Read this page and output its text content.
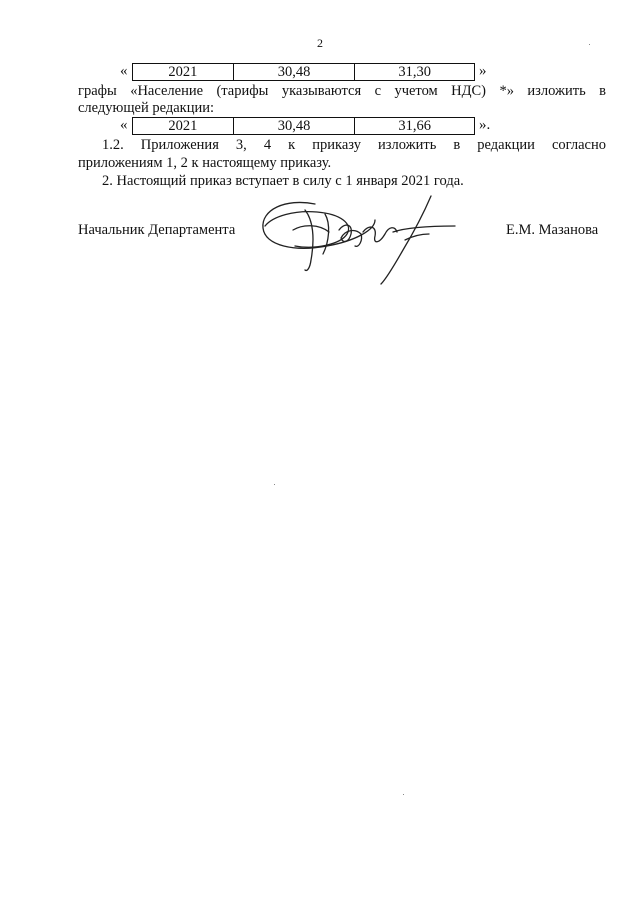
2
«	2021	30,48	31,30	»
графы «Население (тарифы указываются с учетом НДС) *» изложить в
следующей редакции:
«	2021	30,48	31,66	».
1.2. Приложения 3, 4 к приказу изложить в редакции согласно
приложениям 1, 2 к настоящему приказу.
2. Настоящий приказ вступает в силу с 1 января 2021 года.
Начальник Департамента	Е.М. Мазанова
